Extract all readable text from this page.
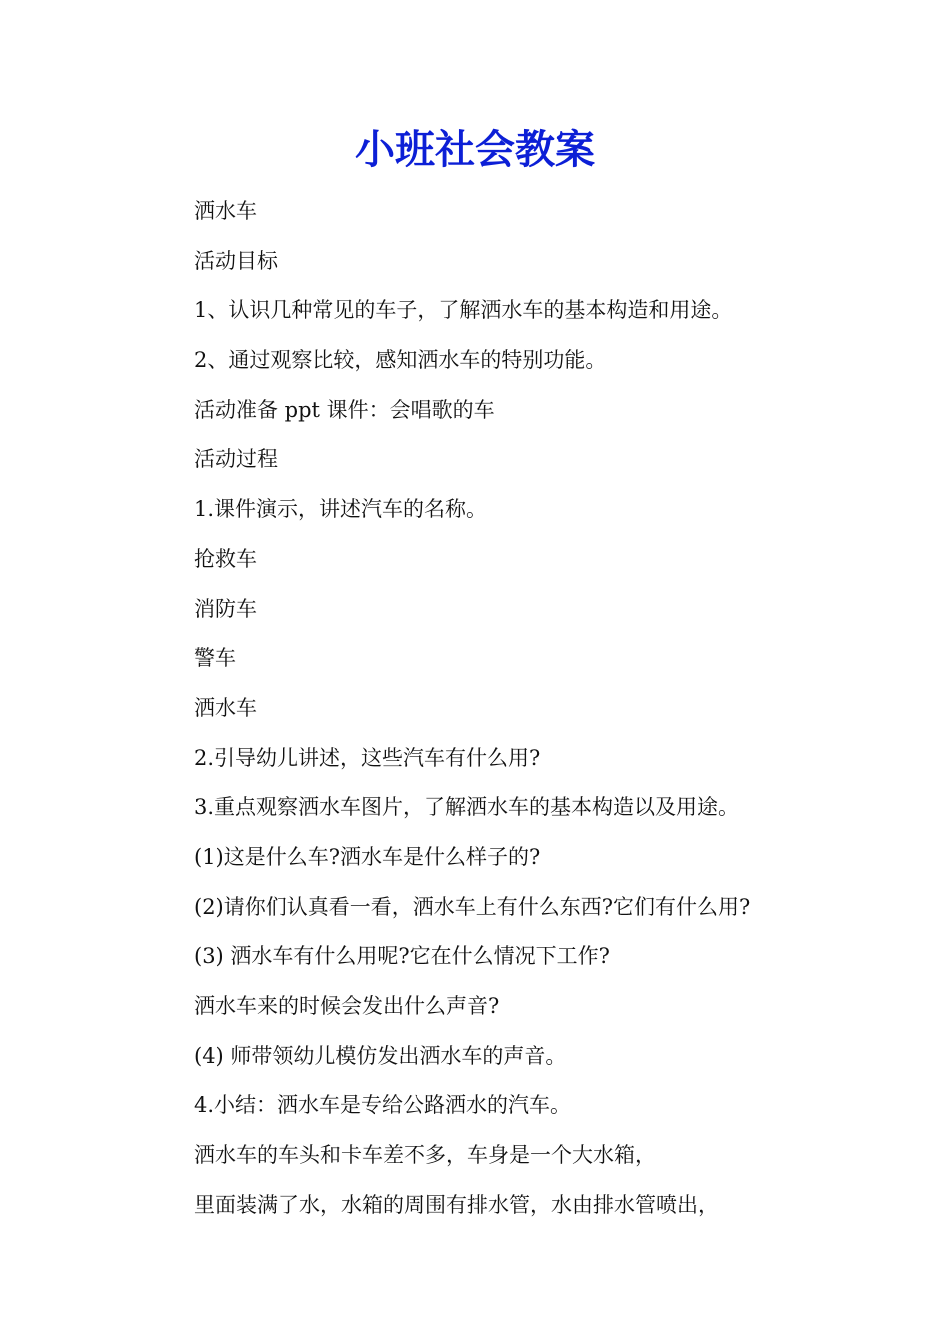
小班社会教案
洒水车
活动目标
1、认识几种常见的车子，了解洒水车的基本构造和用途。
2、通过观察比较，感知洒水车的特别功能。
活动准备 ppt 课件：会唱歌的车
活动过程
1.课件演示，讲述汽车的名称。
抢救车
消防车
警车
洒水车
2.引导幼儿讲述，这些汽车有什么用?
3.重点观察洒水车图片，了解洒水车的基本构造以及用途。
(1)这是什么车?洒水车是什么样子的?
(2)请你们认真看一看，洒水车上有什么东西?它们有什么用?
(3) 洒水车有什么用呢?它在什么情况下工作?
洒水车来的时候会发出什么声音?
(4) 师带领幼儿模仿发出洒水车的声音。
4.小结：洒水车是专给公路洒水的汽车。
洒水车的车头和卡车差不多，车身是一个大水箱，
里面装满了水，水箱的周围有排水管，水由排水管喷出，
